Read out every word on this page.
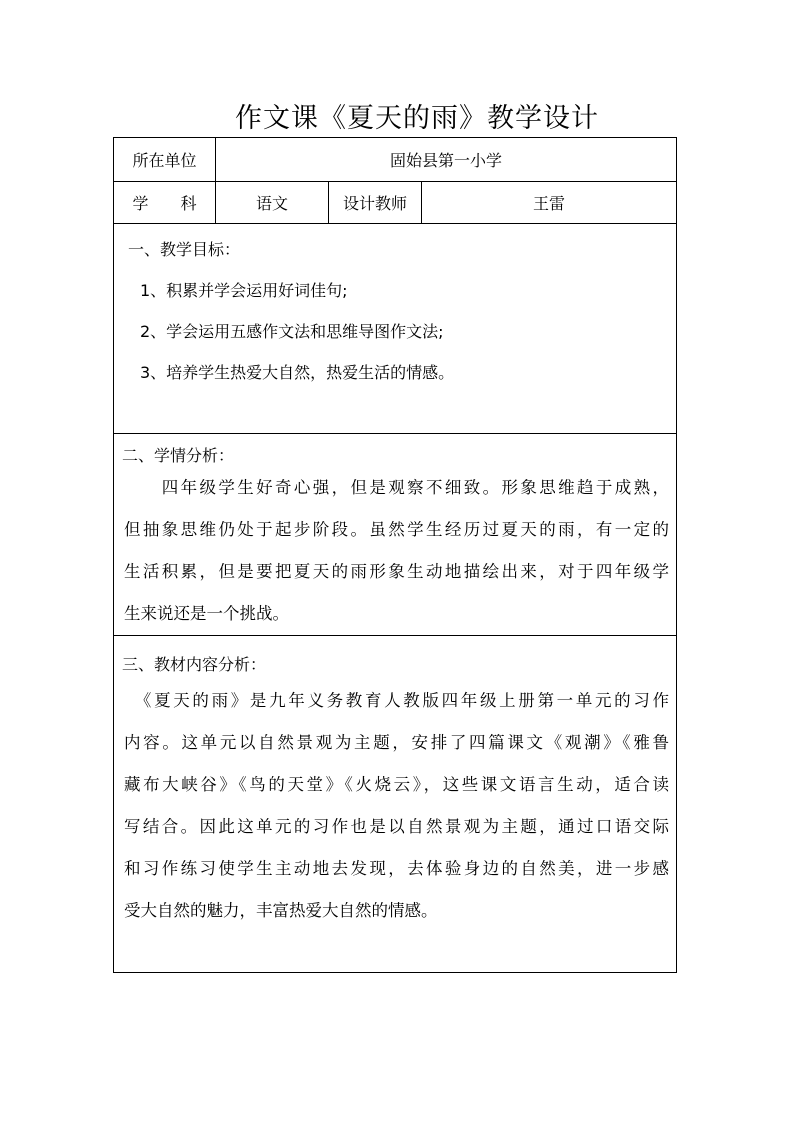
作文课《夏天的雨》教学设计
所在单位	固始县第一小学
学　　科	语文	设计教师	王雷
一、教学目标：
1、积累并学会运用好词佳句;
2、学会运用五感作文法和思维导图作文法;
3、培养学生热爱大自然，热爱生活的情感。
二、学情分析：
　　四年级学生好奇心强，但是观察不细致。形象思维趋于成熟，
但抽象思维仍处于起步阶段。虽然学生经历过夏天的雨，有一定的
生活积累，但是要把夏天的雨形象生动地描绘出来，对于四年级学
生来说还是一个挑战。
三、教材内容分析：
　《夏天的雨》是九年义务教育人教版四年级上册第一单元的习作
内容。这单元以自然景观为主题，安排了四篇课文《观潮》《雅鲁
藏布大峡谷》《鸟的天堂》《火烧云》，这些课文语言生动，适合读
写结合。因此这单元的习作也是以自然景观为主题，通过口语交际
和习作练习使学生主动地去发现，去体验身边的自然美，进一步感
受大自然的魅力，丰富热爱大自然的情感。
